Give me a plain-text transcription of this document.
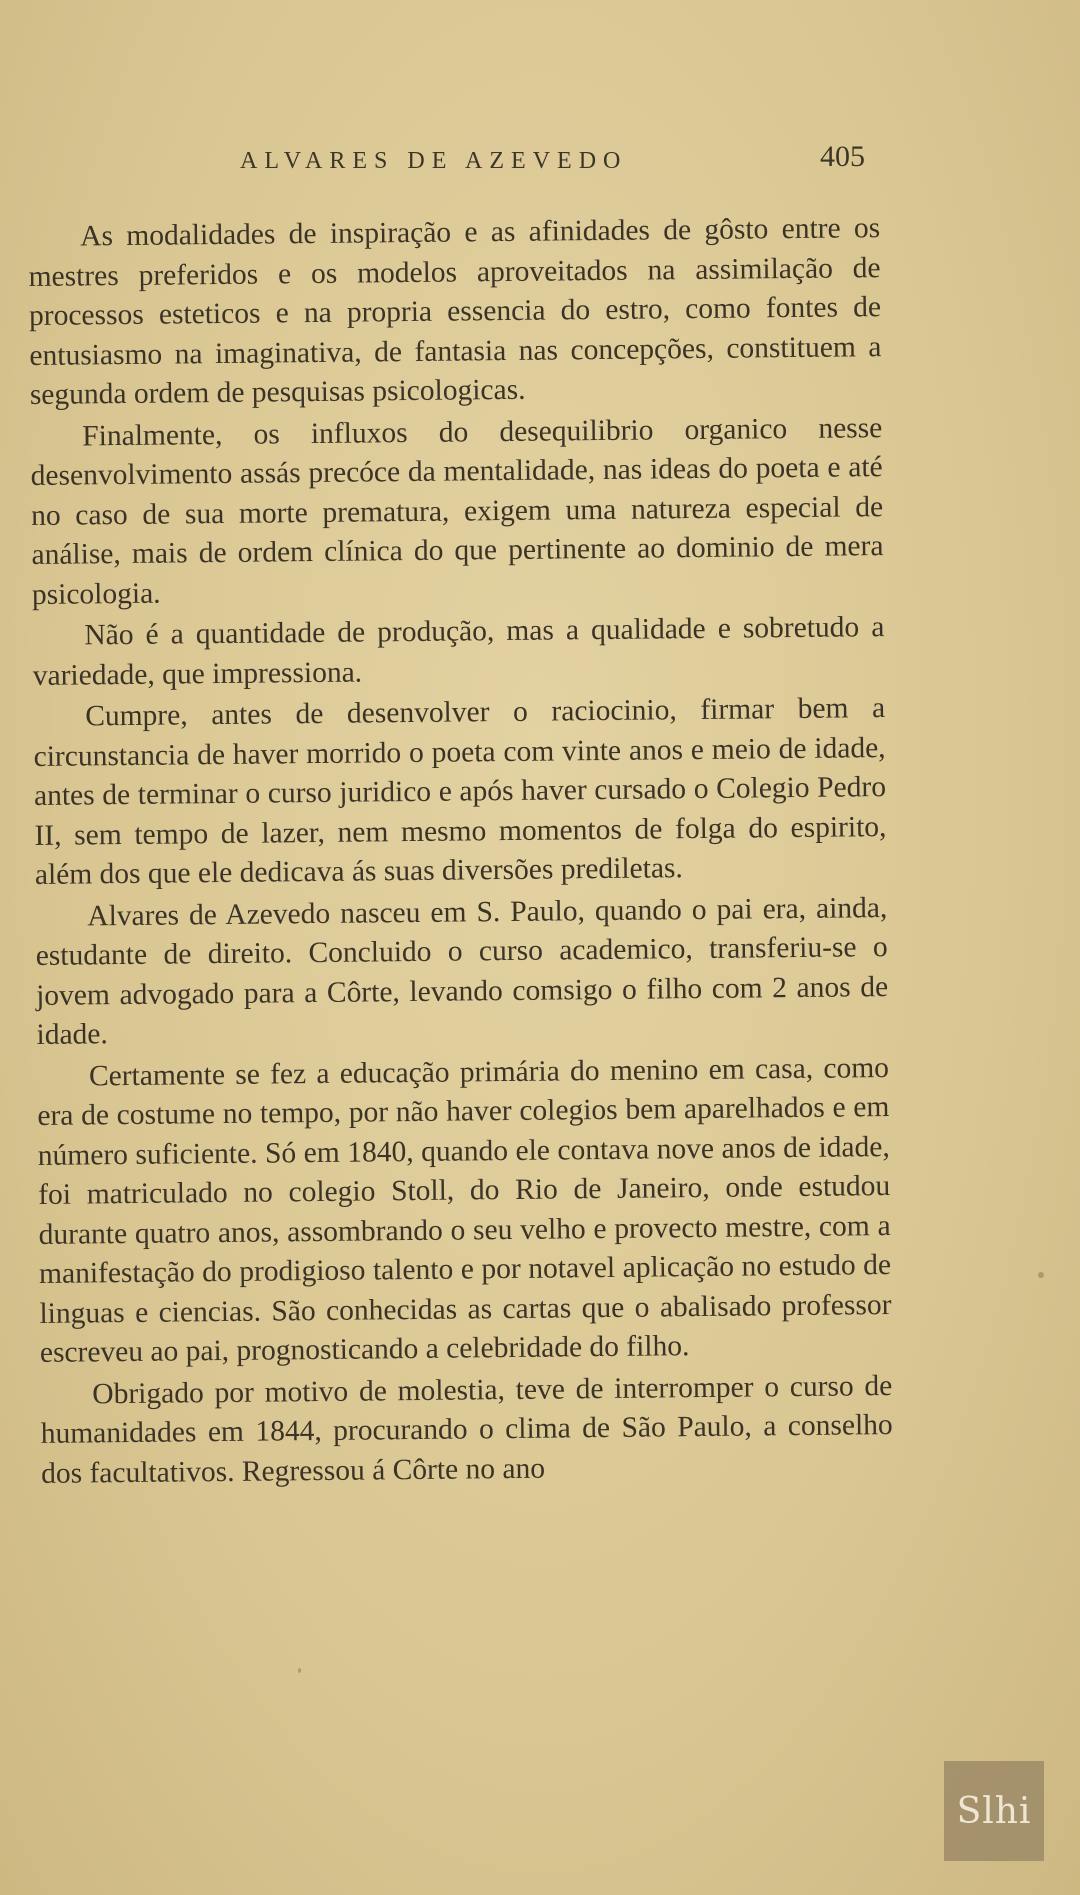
ALVARES DE AZEVEDO	405

As modalidades de inspiração e as afinidades de gôsto entre os mestres preferidos e os modelos aproveitados na assimilação de processos esteticos e na propria essencia do estro, como fontes de entusiasmo na imaginativa, de fantasia nas concepções, constituem a segunda ordem de pesquisas psicologicas.

Finalmente, os influxos do desequilibrio organico nesse desenvolvimento assás precóce da mentalidade, nas ideas do poeta e até no caso de sua morte prematura, exigem uma natureza especial de análise, mais de ordem clínica do que pertinente ao dominio de mera psicologia.

Não é a quantidade de produção, mas a qualidade e sobretudo a variedade, que impressiona.

Cumpre, antes de desenvolver o raciocinio, firmar bem a circunstancia de haver morrido o poeta com vinte anos e meio de idade, antes de terminar o curso juridico e após haver cursado o Colegio Pedro II, sem tempo de lazer, nem mesmo momentos de folga do espirito, além dos que ele dedicava ás suas diversões prediletas.

Alvares de Azevedo nasceu em S. Paulo, quando o pai era, ainda, estudante de direito. Concluido o curso academico, transferiu-se o jovem advogado para a Côrte, levando comsigo o filho com 2 anos de idade.

Certamente se fez a educação primária do menino em casa, como era de costume no tempo, por não haver colegios bem aparelhados e em número suficiente. Só em 1840, quando ele contava nove anos de idade, foi matriculado no colegio Stoll, do Rio de Janeiro, onde estudou durante quatro anos, assombrando o seu velho e provecto mestre, com a manifestação do prodigioso talento e por notavel aplicação no estudo de linguas e ciencias. São conhecidas as cartas que o abalisado professor escreveu ao pai, prognosticando a celebridade do filho.

Obrigado por motivo de molestia, teve de interromper o curso de humanidades em 1844, procurando o clima de São Paulo, a conselho dos facultativos. Regressou á Côrte no ano

Slhi
